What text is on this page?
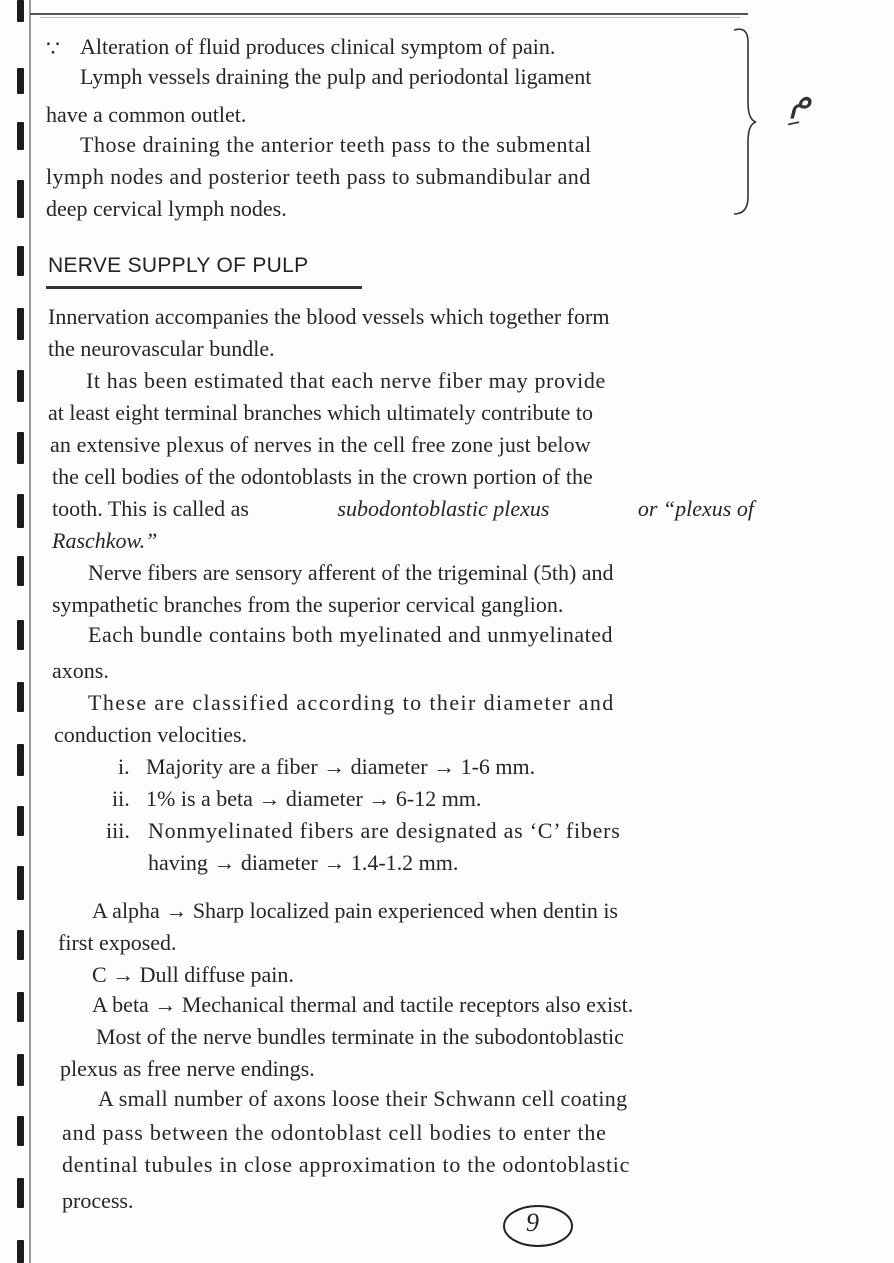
∵ Alteration of fluid produces clinical symptom of pain.
Lymph vessels draining the pulp and periodontal ligament
have a common outlet.
Those draining the anterior teeth pass to the submental
lymph nodes and posterior teeth pass to submandibular and
deep cervical lymph nodes.
مِ
NERVE SUPPLY OF PULP
Innervation accompanies the blood vessels which together form
the neurovascular bundle.
It has been estimated that each nerve fiber may provide
at least eight terminal branches which ultimately contribute to
an extensive plexus of nerves in the cell free zone just below
the cell bodies of the odontoblasts in the crown portion of the
tooth. This is called as	subodontoblastic plexus	or “plexus of
Raschkow.”
Nerve fibers are sensory afferent of the trigeminal (5th) and
sympathetic branches from the superior cervical ganglion.
Each bundle contains both myelinated and unmyelinated
axons.
These are classified according to their diameter and
conduction velocities.
i. Majority are a fiber → diameter → 1-6 mm.
ii. 1% is a beta → diameter → 6-12 mm.
iii. Nonmyelinated fibers are designated as ‘C’ fibers
having → diameter → 1.4-1.2 mm.
A alpha → Sharp localized pain experienced when dentin is
first exposed.
C → Dull diffuse pain.
A beta → Mechanical thermal and tactile receptors also exist.
Most of the nerve bundles terminate in the subodontoblastic
plexus as free nerve endings.
A small number of axons loose their Schwann cell coating
and pass between the odontoblast cell bodies to enter the
dentinal tubules in close approximation to the odontoblastic
process.
9
